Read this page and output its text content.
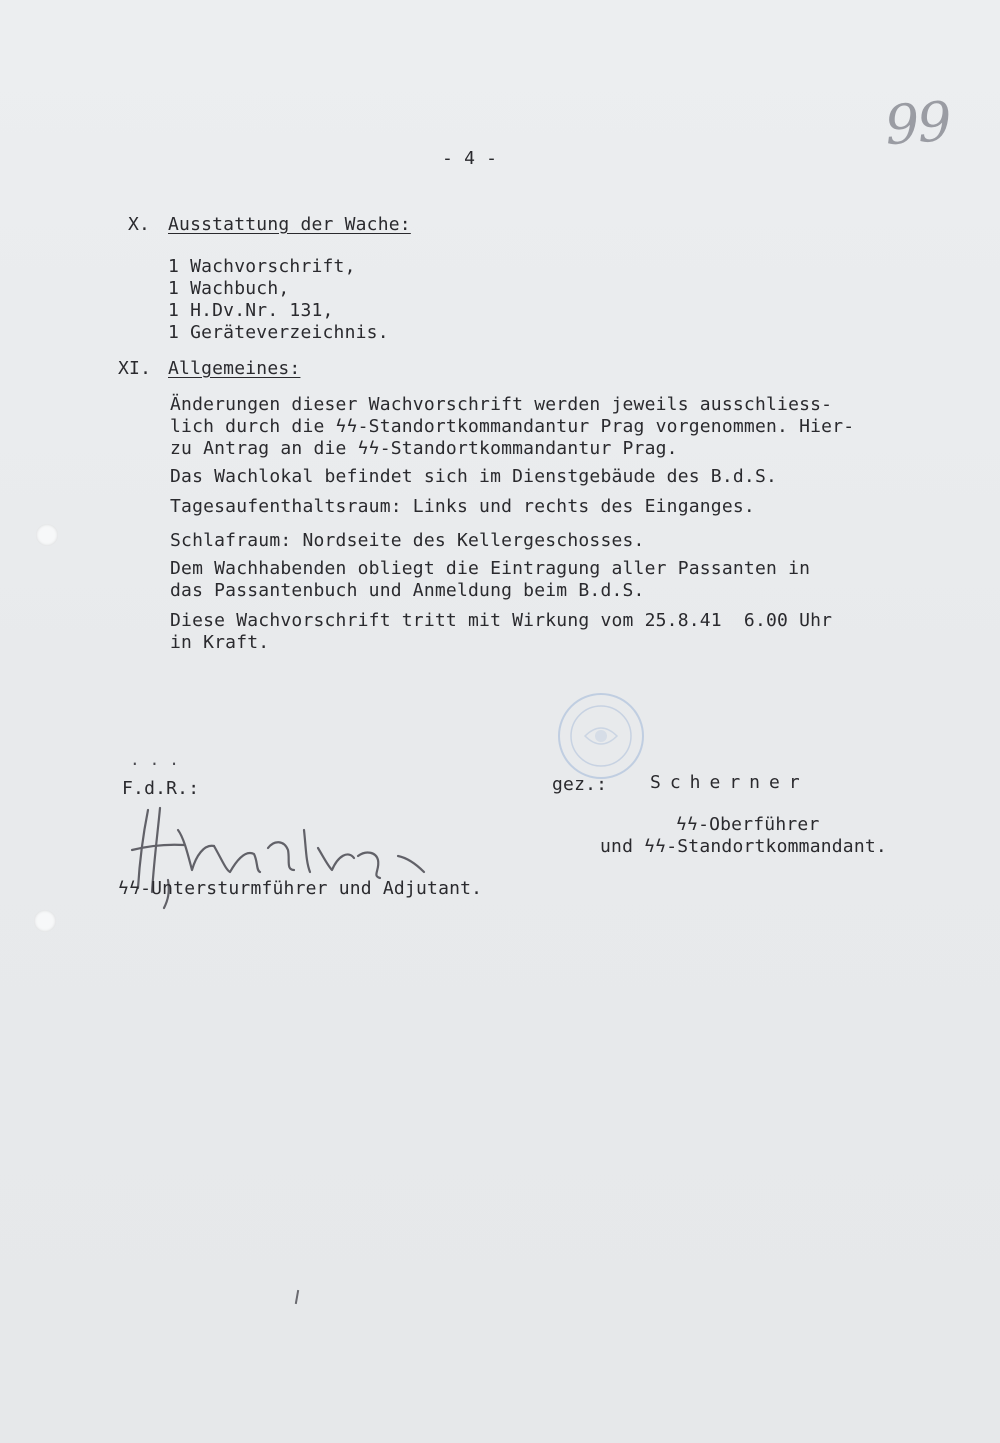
99
- 4 -
X. Ausstattung der Wache:
1 Wachvorschrift,
1 Wachbuch,
1 H.Dv.Nr. 131,
1 Geräteverzeichnis.
XI. Allgemeines:
Änderungen dieser Wachvorschrift werden jeweils ausschliess-
lich durch die ϟϟ-Standortkommandantur Prag vorgenommen. Hier-
zu Antrag an die ϟϟ-Standortkommandantur Prag.
Das Wachlokal befindet sich im Dienstgebäude des B.d.S.
Tagesaufenthaltsraum: Links und rechts des Einganges.
Schlafraum: Nordseite des Kellergeschosses.
Dem Wachhabenden obliegt die Eintragung aller Passanten in
das Passantenbuch und Anmeldung beim B.d.S.
Diese Wachvorschrift tritt mit Wirkung vom 25.8.41  6.00 Uhr
in Kraft.
...
F.d.R.:
ϟϟ-Untersturmführer und Adjutant.
gez.: Scherner
ϟϟ-Oberführer
und ϟϟ-Standortkommandant.
